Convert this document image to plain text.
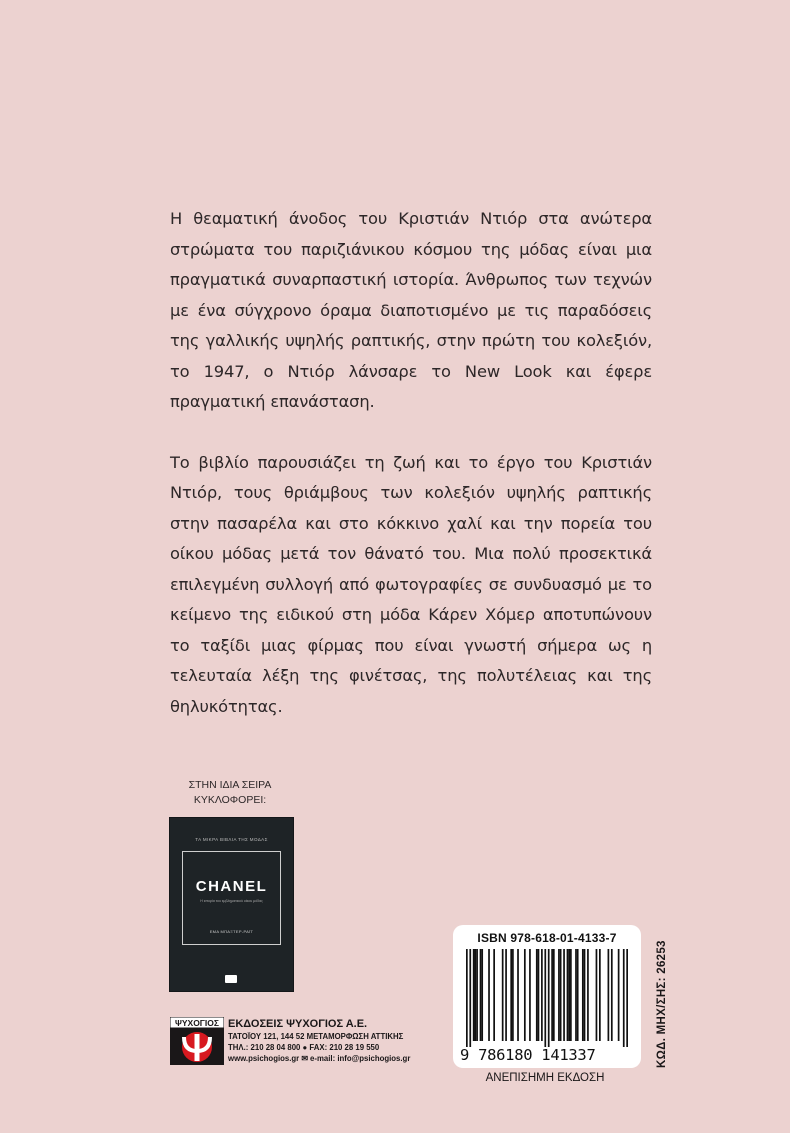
Η θεαματική άνοδος του Κριστιάν Ντιόρ στα ανώτερα στρώματα του παριζιάνικου κόσμου της μόδας είναι μια πραγματικά συναρπαστική ιστορία. Άνθρωπος των τεχνών με ένα σύγχρονο όραμα διαποτισμένο με τις παραδόσεις της γαλλικής υψηλής ραπτικής, στην πρώτη του κολεξιόν, το 1947, ο Ντιόρ λάνσαρε το New Look και έφερε πραγματική επανάσταση.

Το βιβλίο παρουσιάζει τη ζωή και το έργο του Κριστιάν Ντιόρ, τους θριάμβους των κολεξιόν υψηλής ραπτικής στην πασαρέλα και στο κόκκινο χαλί και την πορεία του οίκου μόδας μετά τον θάνατό του. Μια πολύ προσεκτικά επιλεγμένη συλλογή από φωτογραφίες σε συνδυασμό με το κείμενο της ειδικού στη μόδα Κάρεν Χόμερ αποτυπώνουν το ταξίδι μιας φίρμας που είναι γνωστή σήμερα ως η τελευταία λέξη της φινέτσας, της πολυτέλειας και της θηλυκότητας.

ΣΤΗΝ ΙΔΙΑ ΣΕΙΡΑ
ΚΥΚΛΟΦΟΡΕΙ:
ΤΑ ΜΙΚΡΑ ΒΙΒΛΙΑ ΤΗΣ ΜΟΔΑΣ
CHANEL
Η ιστορία του εμβληματικού οίκου μόδας
ΕΜΑ ΜΠΑΞΤΕΡ-ΡΑΪΤ
ΨΥΧΟΓΙΟΣ ΕΚΔΟΣΕΙΣ ΨΥΧΟΓΙΟΣ Α.Ε.
ΤΑΤΟΪΟΥ 121, 144 52 ΜΕΤΑΜΟΡΦΩΣΗ ΑΤΤΙΚΗΣ
ΤΗΛ.: 210 28 04 800 ● FAX: 210 28 19 550
www.psichogios.gr ✉ e-mail: info@psichogios.gr
ISBN 978-618-01-4133-7
9 786180 141337	ΚΩΔ. ΜΗΧ/ΣΗΣ: 26253
ΑΝΕΠΙΣΗΜΗ ΕΚΔΟΣΗ
